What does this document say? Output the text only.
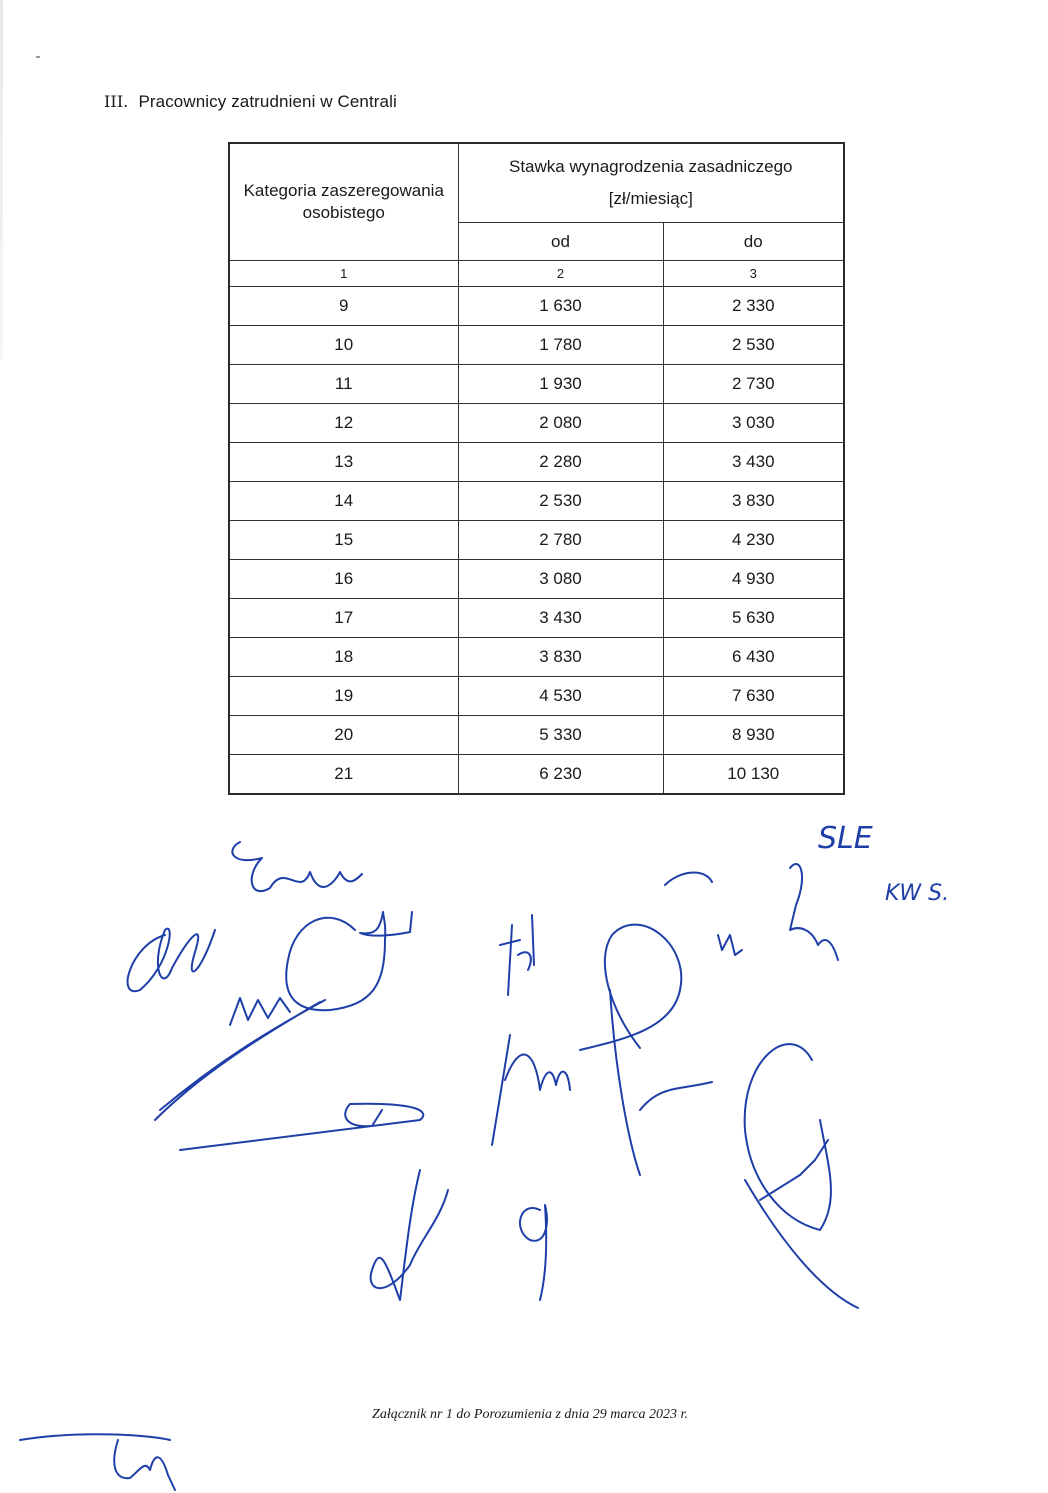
III. Pracownicy zatrudnieni w Centrali
Kategoria zaszeregowania osobistego	Stawka wynagrodzenia zasadniczego
[zł/miesiąc]	

	od	do
1	2	3
9	1 630	2 330
10	1 780	2 530
11	1 930	2 730
12	2 080	3 030
13	2 280	3 430
14	2 530	3 830
15	2 780	4 230
16	3 080	4 930
17	3 430	5 630
18	3 830	6 430
19	4 530	7 630
20	5 330	8 930
21	6 230	10 130
SLE
KW S.
Załącznik nr 1 do Porozumienia z dnia 29 marca 2023 r.
